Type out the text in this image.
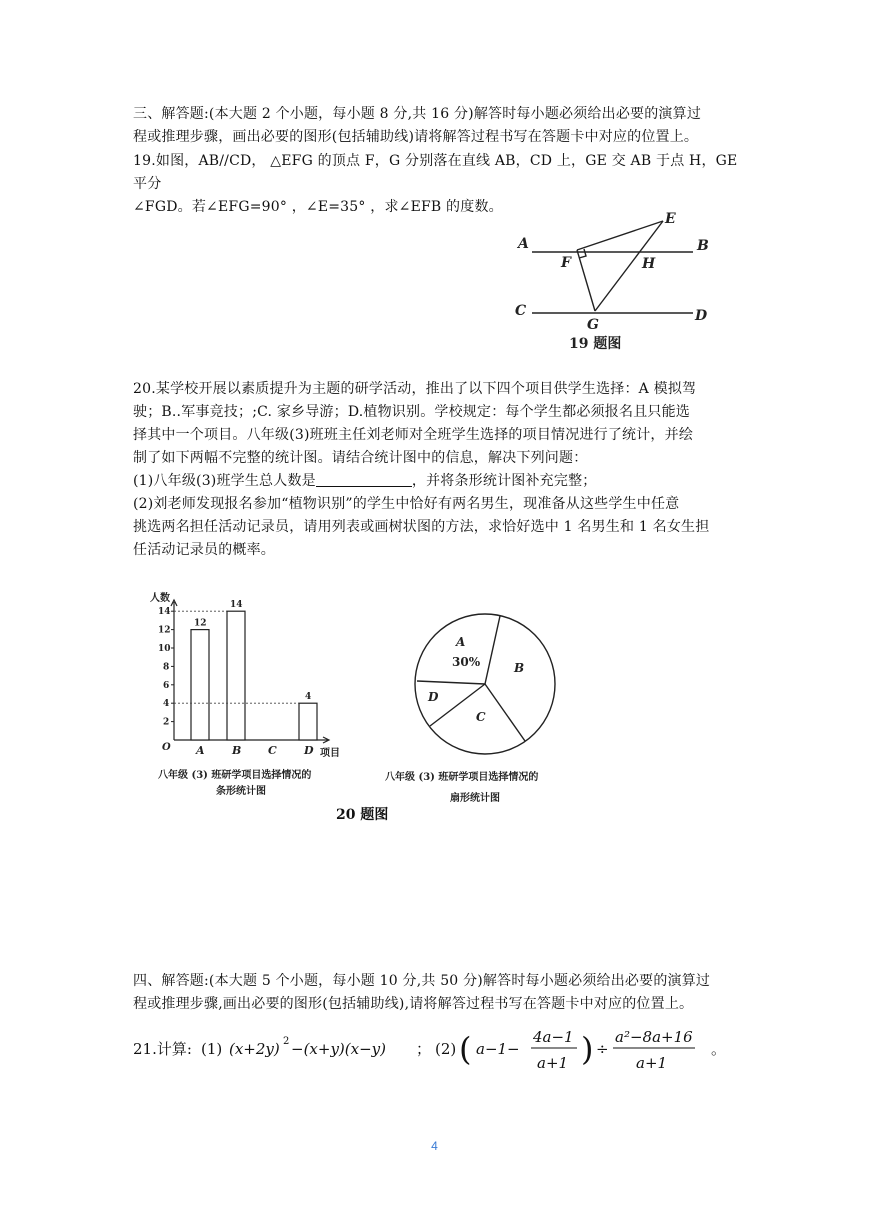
三、解答题:(本大题 2 个小题，每小题 8 分,共 16 分)解答时每小题必须给出必要的演算过
程或推理步骤，画出必要的图形(包括辅助线)请将解答过程书写在答题卡中对应的位置上。
19.如图，AB//CD， △EFG 的顶点 F，G 分别落在直线 AB，CD 上，GE 交 AB 于点 H，GE 平分
∠FGD。若∠EFG=90° ，∠E=35° ，求∠EFB 的度数。
A	B
C	D
E
F
G
H
19 题图
20.某学校开展以素质提升为主题的研学活动，推出了以下四个项目供学生选择：A 模拟驾
驶；B..军事竞技；;C. 家乡导游；D.植物识别。学校规定：每个学生都必须报名且只能选
择其中一个项目。八年级(3)班班主任刘老师对全班学生选择的项目情况进行了统计，并绘
制了如下两幅不完整的统计图。请结合统计图中的信息，解决下列问题：
(1)八年级(3)班学生总人数是	，并将条形统计图补充完整；
(2)刘老师发现报名参加“植物识别”的学生中恰好有两名男生，现准备从这些学生中任意
挑选两名担任活动记录员，请用列表或画树状图的方法，求恰好选中 1 名男生和 1 名女生担
任活动记录员的概率。
2
4
6
8
10
12
14
A
12
B
14
C D
4
人数
O
项目
八年级 (3) 班研学项目选择情况的
条形统计图
A
B
C
D
30%
八年级 (3) 班研学项目选择情况的
扇形统计图
20 题图
四、解答题:(本大题 5 个小题，每小题 10 分,共 50 分)解答时每小题必须给出必要的演算过
程或推理步骤,画出必要的图形(包括辅助线),请将解答过程书写在答题卡中对应的位置上。
21.计算: (1) (x+2y) 2 −(x+y)(x−y) ； (2) (	)
a−1−
4a−1
a+1
÷
a²−8a+16
a+1
。
4
